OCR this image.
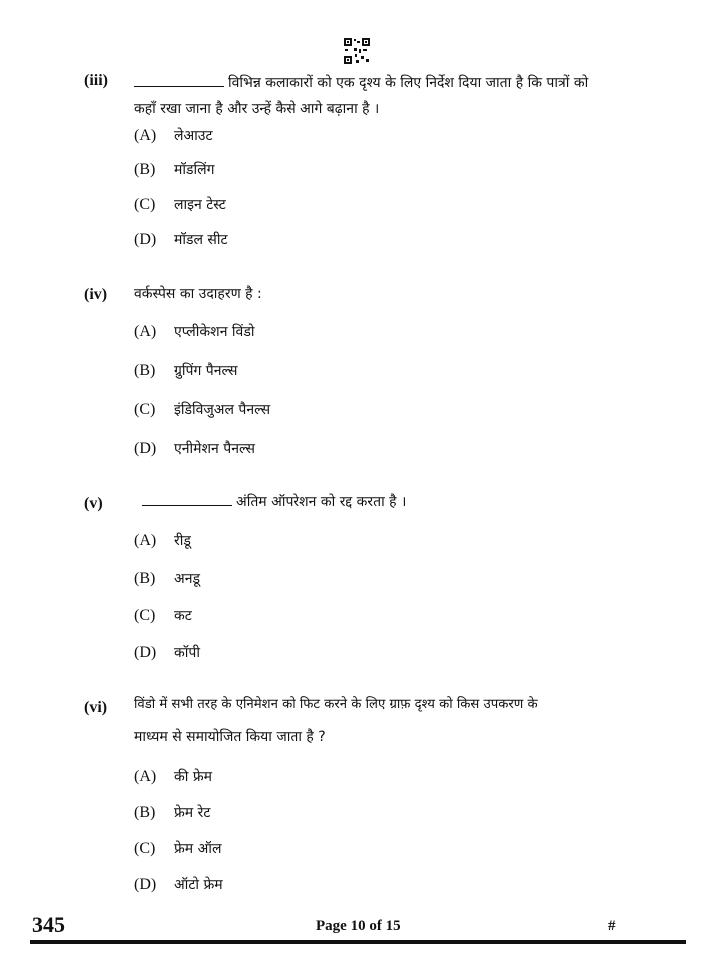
(iii)	विभिन्न कलाकारों को एक दृश्य के लिए निर्देश दिया जाता है कि पात्रों को
कहाँ रखा जाना है और उन्हें कैसे आगे बढ़ाना है ।
(A)	लेआउट
(B)	मॉडलिंग
(C)	लाइन टेस्ट
(D)	मॉडल सीट
(iv) वर्कस्पेस का उदाहरण है :
(A)	एप्लीकेशन विंडो
(B)	ग्रुपिंग पैनल्स
(C)	इंडिविजुअल पैनल्स
(D)	एनीमेशन पैनल्स
(v)	अंतिम ऑपरेशन को रद्द करता है ।
(A)	रीडू
(B)	अनडू
(C)	कट
(D)	कॉपी
(vi) विंडो में सभी तरह के एनिमेशन को फिट करने के लिए ग्राफ़ दृश्य को किस उपकरण के
माध्यम से समायोजित किया जाता है ?
(A)	की फ्रेम
(B)	फ्रेम रेट
(C)	फ्रेम ऑल
(D)	ऑटो फ्रेम
345	Page 10 of 15	#
